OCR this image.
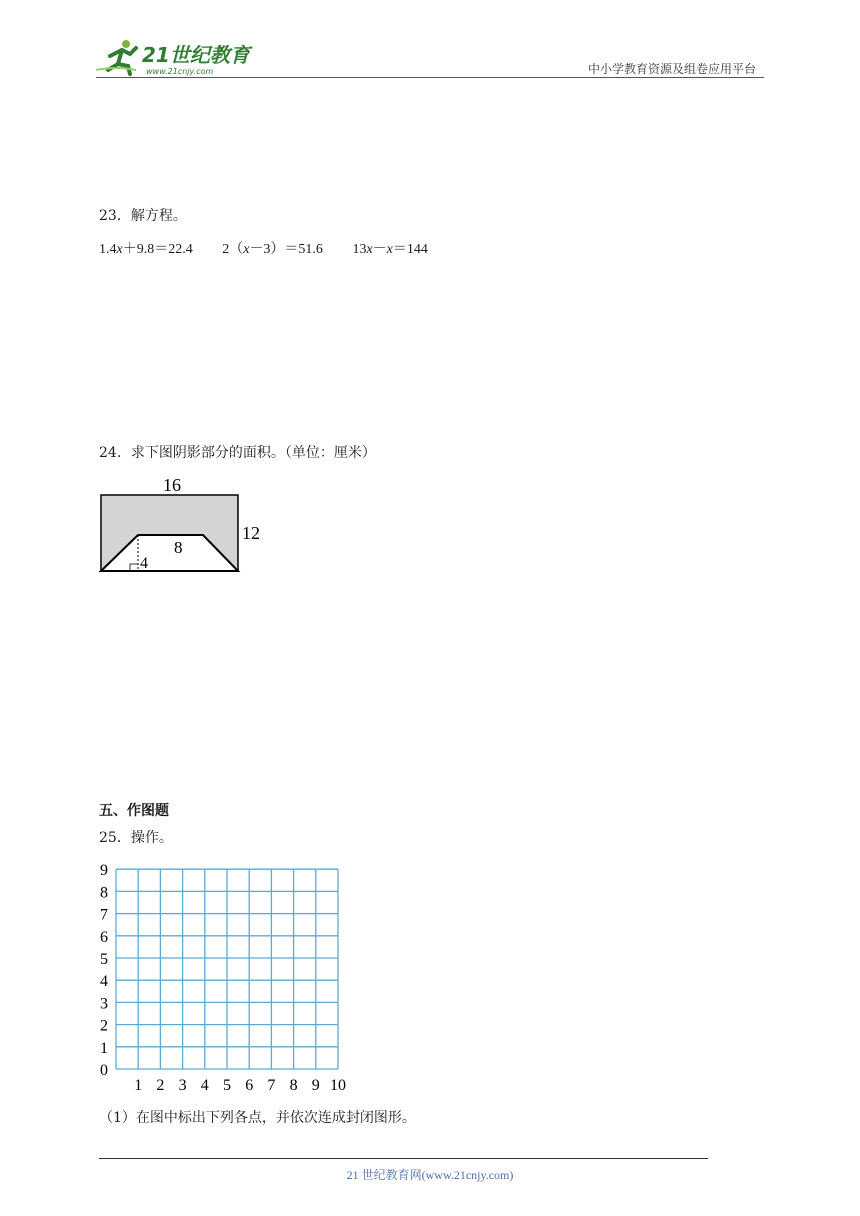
21世纪教育
www.21cnjy.com	中小学教育资源及组卷应用平台
23．解方程。
1.4x＋9.8＝22.4 2（x－3）＝51.6 13x－x＝144
24．求下图阴影部分的面积。（单位：厘米）
16
12
8
4
五、作图题
25．操作。
9
8
7
6
5
4
3
2
1
0
1 2 3 4 5 6 7 8 9 10
（1）在图中标出下列各点，并依次连成封闭图形。
21 世纪教育网(www.21cnjy.com)
